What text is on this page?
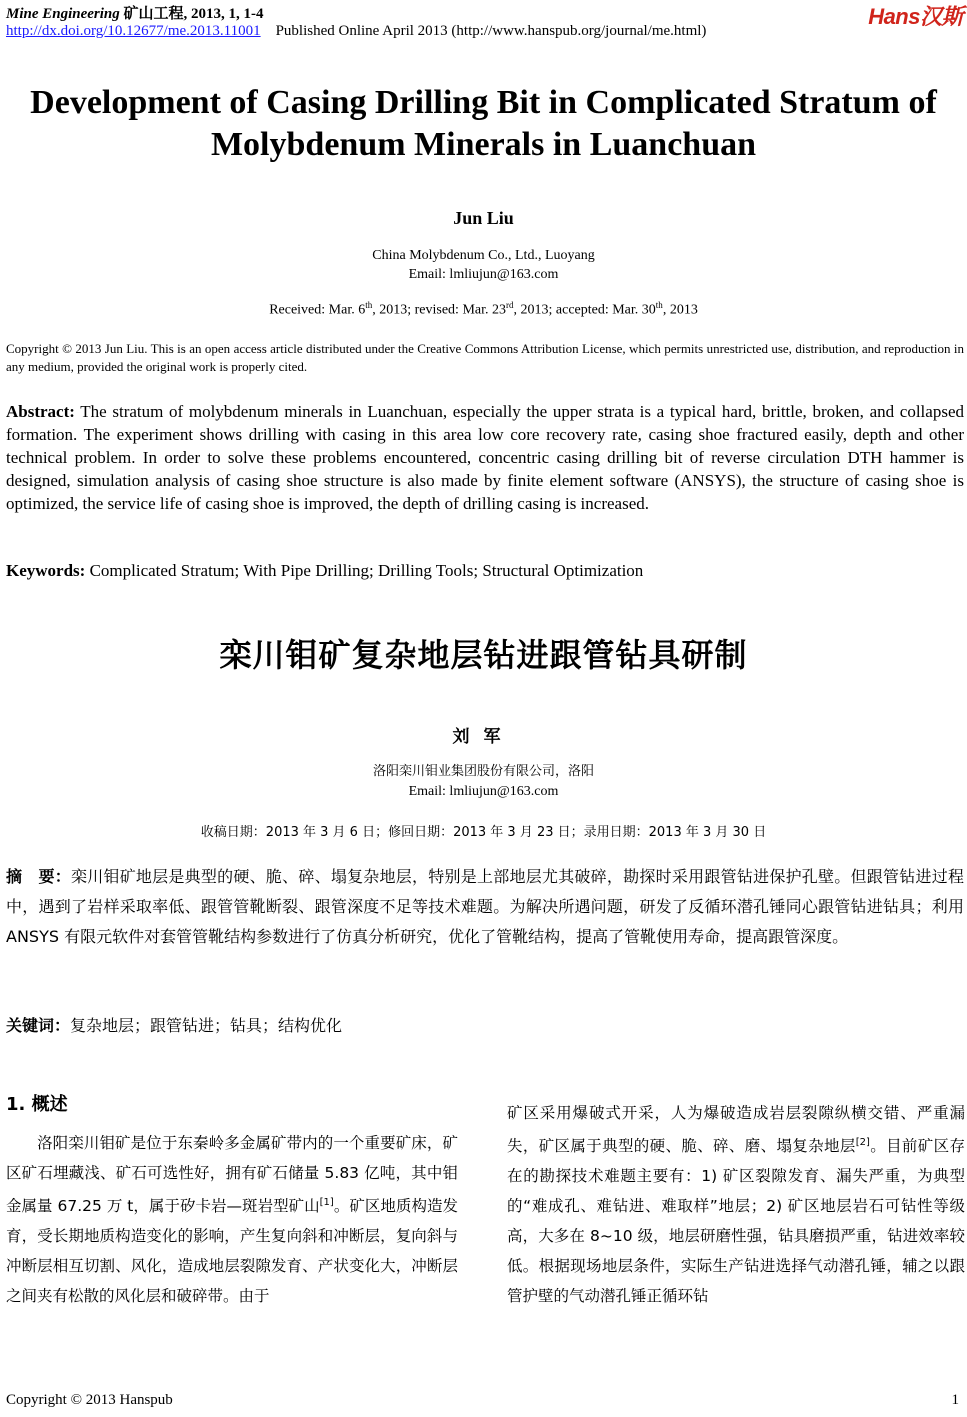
Mine Engineering 矿山工程, 2013, 1, 1-4
http://dx.doi.org/10.12677/me.2013.11001 Published Online April 2013 (http://www.hanspub.org/journal/me.html)
Hans汉斯
Development of Casing Drilling Bit in Complicated Stratum of
Molybdenum Minerals in Luanchuan
Jun Liu
China Molybdenum Co., Ltd., Luoyang
Email: lmliujun@163.com
Received: Mar. 6th, 2013; revised: Mar. 23rd, 2013; accepted: Mar. 30th, 2013
Copyright © 2013 Jun Liu. This is an open access article distributed under the Creative Commons Attribution License, which permits unrestricted use, distribution, and reproduction in any medium, provided the original work is properly cited.
Abstract: The stratum of molybdenum minerals in Luanchuan, especially the upper strata is a typical hard, brittle, broken, and collapsed formation. The experiment shows drilling with casing in this area low core recovery rate, casing shoe fractured easily, depth and other technical problem. In order to solve these problems encountered, concentric casing drilling bit of reverse circulation DTH hammer is designed, simulation analysis of casing shoe structure is also made by finite element software (ANSYS), the structure of casing shoe is optimized, the service life of casing shoe is improved, the depth of drilling casing is increased.
Keywords: Complicated Stratum; With Pipe Drilling; Drilling Tools; Structural Optimization
栾川钼矿复杂地层钻进跟管钻具研制
刘军
洛阳栾川钼业集团股份有限公司，洛阳
Email: lmliujun@163.com
收稿日期：2013 年 3 月 6 日；修回日期：2013 年 3 月 23 日；录用日期：2013 年 3 月 30 日
摘　要：栾川钼矿地层是典型的硬、脆、碎、塌复杂地层，特别是上部地层尤其破碎，勘探时采用跟管钻进保护孔壁。但跟管钻进过程中，遇到了岩样采取率低、跟管管靴断裂、跟管深度不足等技术难题。为解决所遇问题，研发了反循环潜孔锤同心跟管钻进钻具；利用 ANSYS 有限元软件对套管管靴结构参数进行了仿真分析研究，优化了管靴结构，提高了管靴使用寿命，提高跟管深度。
关键词：复杂地层；跟管钻进；钻具；结构优化
1. 概述
洛阳栾川钼矿是位于东秦岭多金属矿带内的一个重要矿床，矿区矿石埋藏浅、矿石可选性好，拥有矿石储量 5.83 亿吨，其中钼金属量 67.25 万 t，属于矽卡岩—斑岩型矿山[1]。矿区地质构造发育，受长期地质构造变化的影响，产生复向斜和冲断层，复向斜与冲断层相互切割、风化，造成地层裂隙发育、产状变化大，冲断层之间夹有松散的风化层和破碎带。由于
矿区采用爆破式开采，人为爆破造成岩层裂隙纵横交错、严重漏失，矿区属于典型的硬、脆、碎、磨、塌复杂地层[2]。目前矿区存在的勘探技术难题主要有：1) 矿区裂隙发育、漏失严重，为典型的“难成孔、难钻进、难取样”地层；2) 矿区地层岩石可钻性等级高，大多在 8~10 级，地层研磨性强，钻具磨损严重，钻进效率较低。根据现场地层条件，实际生产钻进选择气动潜孔锤，辅之以跟管护壁的气动潜孔锤正循环钻
Copyright © 2013 Hanspub	1
